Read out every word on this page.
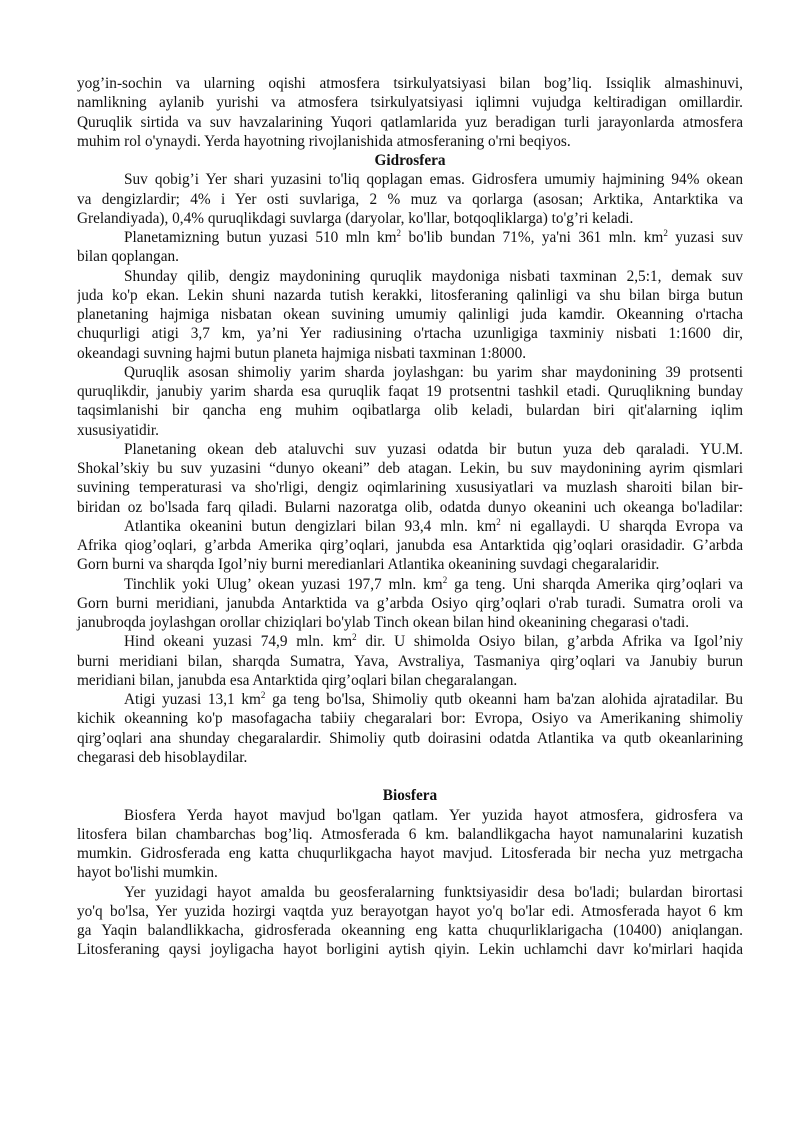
yog’in-sochin va ularning oqishi atmosfera tsirkulyatsiyasi bilan bog’liq. Issiqlik almashinuvi,
namlikning aylanib yurishi va atmosfera tsirkulyatsiyasi iqlimni vujudga keltiradigan omillardir.
Quruqlik sirtida va suv havzalarining Yuqori qatlamlarida yuz beradigan turli jarayonlarda atmosfera
muhim rol o'ynaydi. Yerda hayotning rivojlanishida atmosferaning o'rni beqiyos.
Gidrosfera
Suv qobig’i Yer shari yuzasini to'liq qoplagan emas. Gidrosfera umumiy hajmining 94% okean
va dengizlardir; 4% i Yer osti suvlariga, 2 % muz va qorlarga (asosan; Arktika, Antarktika va
Grelandiyada), 0,4% quruqlikdagi suvlarga (daryolar, ko'llar, botqoqliklarga) to'g’ri keladi.
Planetamizning butun yuzasi 510 mln $km^2$ bo'lib bundan 71%, ya'ni 361 mln. $km^2$ yuzasi suv
bilan qoplangan.
Shunday qilib, dengiz maydonining quruqlik maydoniga nisbati taxminan 2,5:1, demak suv
juda ko'p ekan. Lekin shuni nazarda tutish kerakki, litosferaning qalinligi va shu bilan birga butun
planetaning hajmiga nisbatan okean suvining umumiy qalinligi juda kamdir. Okeanning o'rtacha
chuqurligi atigi 3,7 km, ya’ni Yer radiusining o'rtacha uzunligiga taxminiy nisbati 1:1600 dir,
okeandagi suvning hajmi butun planeta hajmiga nisbati taxminan 1:8000.
Quruqlik asosan shimoliy yarim sharda joylashgan: bu yarim shar maydonining 39 protsenti
quruqlikdir, janubiy yarim sharda esa quruqlik faqat 19 protsentni tashkil etadi. Quruqlikning bunday
taqsimlanishi bir qancha eng muhim oqibatlarga olib keladi, bulardan biri qit'alarning iqlim
xususiyatidir.
Planetaning okean deb ataluvchi suv yuzasi odatda bir butun yuza deb qaraladi. YU.M.
Shokal’skiy bu suv yuzasini “dunyo okeani” deb atagan. Lekin, bu suv maydonining ayrim qismlari
suvining temperaturasi va sho'rligi, dengiz oqimlarining xususiyatlari va muzlash sharoiti bilan bir-
biridan oz bo'lsada farq qiladi. Bularni nazoratga olib, odatda dunyo okeanini uch okeanga bo'ladilar:
Atlantika okeanini butun dengizlari bilan 93,4 mln. $km^2$ ni egallaydi. U sharqda Evropa va
Afrika qiog’oqlari, g’arbda Amerika qirg’oqlari, janubda esa Antarktida qig’oqlari orasidadir. G’arbda
Gorn burni va sharqda Igol’niy burni meredianlari Atlantika okeanining suvdagi chegaralaridir.
Tinchlik yoki Ulug’ okean yuzasi 197,7 mln. $km^2$ ga teng. Uni sharqda Amerika qirg’oqlari va
Gorn burni meridiani, janubda Antarktida va g’arbda Osiyo qirg’oqlari o'rab turadi. Sumatra oroli va
janubroqda joylashgan orollar chiziqlari bo'ylab Tinch okean bilan hind okeanining chegarasi o'tadi.
Hind okeani yuzasi 74,9 mln. $km^2$ dir. U shimolda Osiyo bilan, g’arbda Afrika va Igol’niy
burni meridiani bilan, sharqda Sumatra, Yava, Avstraliya, Tasmaniya qirg’oqlari va Janubiy burun
meridiani bilan, janubda esa Antarktida qirg’oqlari bilan chegaralangan.
Atigi yuzasi 13,1 $km^2$ ga teng bo'lsa, Shimoliy qutb okeanni ham ba'zan alohida ajratadilar. Bu
kichik okeanning ko'p masofagacha tabiiy chegaralari bor: Evropa, Osiyo va Amerikaning shimoliy
qirg’oqlari ana shunday chegaralardir. Shimoliy qutb doirasini odatda Atlantika va qutb okeanlarining
chegarasi deb hisoblaydilar.
Biosfera
Biosfera Yerda hayot mavjud bo'lgan qatlam. Yer yuzida hayot atmosfera, gidrosfera va
litosfera bilan chambarchas bog’liq. Atmosferada 6 km. balandlikgacha hayot namunalarini kuzatish
mumkin. Gidrosferada eng katta chuqurlikgacha hayot mavjud. Litosferada bir necha yuz metrgacha
hayot bo'lishi mumkin.
Yer yuzidagi hayot amalda bu geosferalarning funktsiyasidir desa bo'ladi; bulardan birortasi
yo'q bo'lsa, Yer yuzida hozirgi vaqtda yuz berayotgan hayot yo'q bo'lar edi. Atmosferada hayot 6 km
ga Yaqin balandlikkacha, gidrosferada okeanning eng katta chuqurliklarigacha (10400) aniqlangan.
Litosferaning qaysi joyligacha hayot borligini aytish qiyin. Lekin uchlamchi davr ko'mirlari haqida
